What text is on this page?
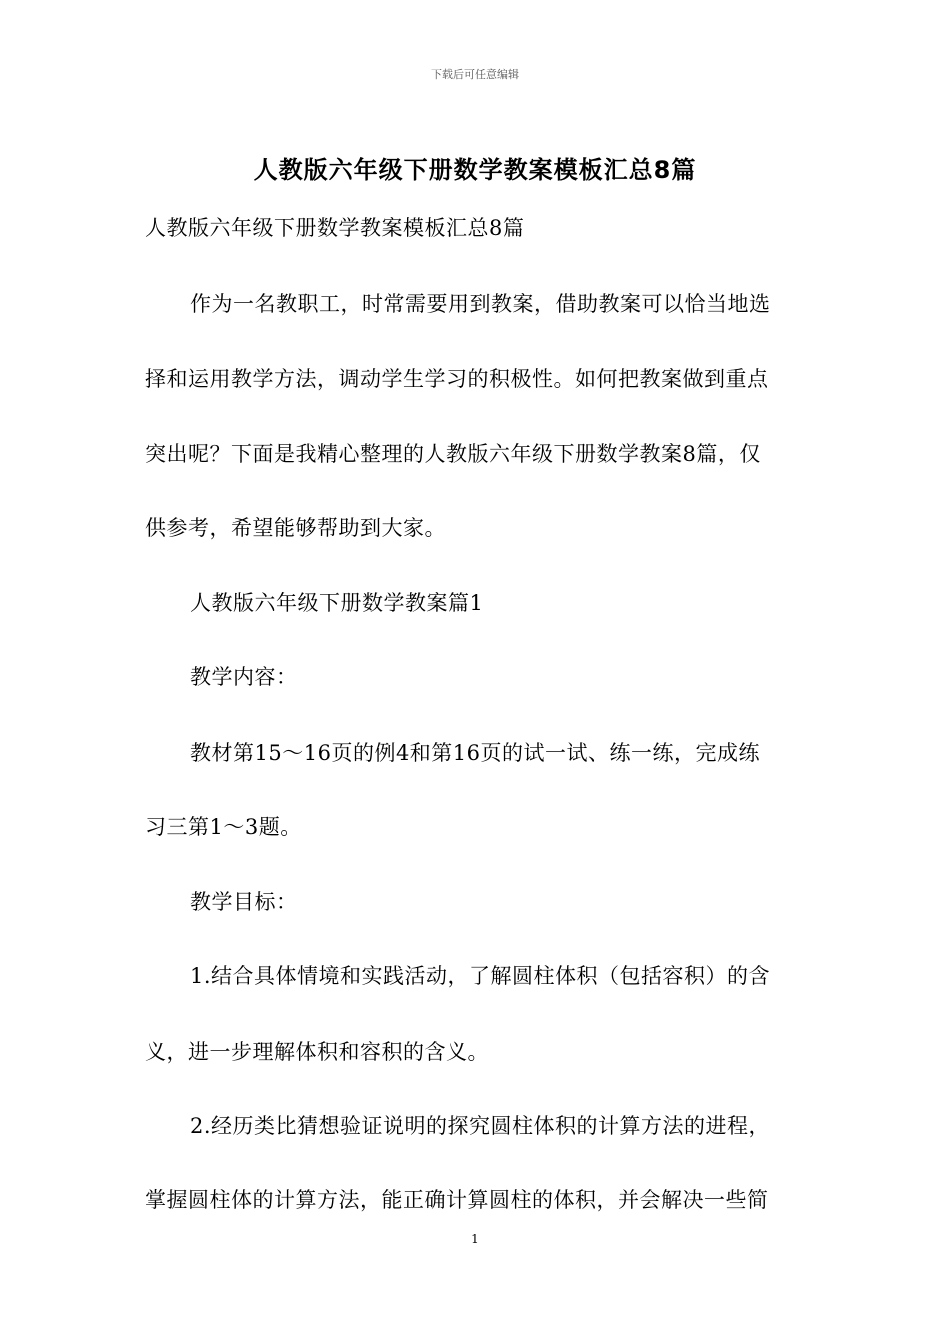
下载后可任意编辑
人教版六年级下册数学教案模板汇总8篇
人教版六年级下册数学教案模板汇总8篇
作为一名教职工，时常需要用到教案，借助教案可以恰当地选
择和运用教学方法，调动学生学习的积极性。如何把教案做到重点
突出呢？下面是我精心整理的人教版六年级下册数学教案8篇，仅
供参考，希望能够帮助到大家。
人教版六年级下册数学教案篇1
教学内容：
教材第15～16页的例4和第16页的试一试、练一练，完成练
习三第1～3题。
教学目标：
1.结合具体情境和实践活动，了解圆柱体积（包括容积）的含
义，进一步理解体积和容积的含义。
2.经历类比猜想验证说明的探究圆柱体积的计算方法的进程，
掌握圆柱体的计算方法，能正确计算圆柱的体积，并会解决一些简
1
